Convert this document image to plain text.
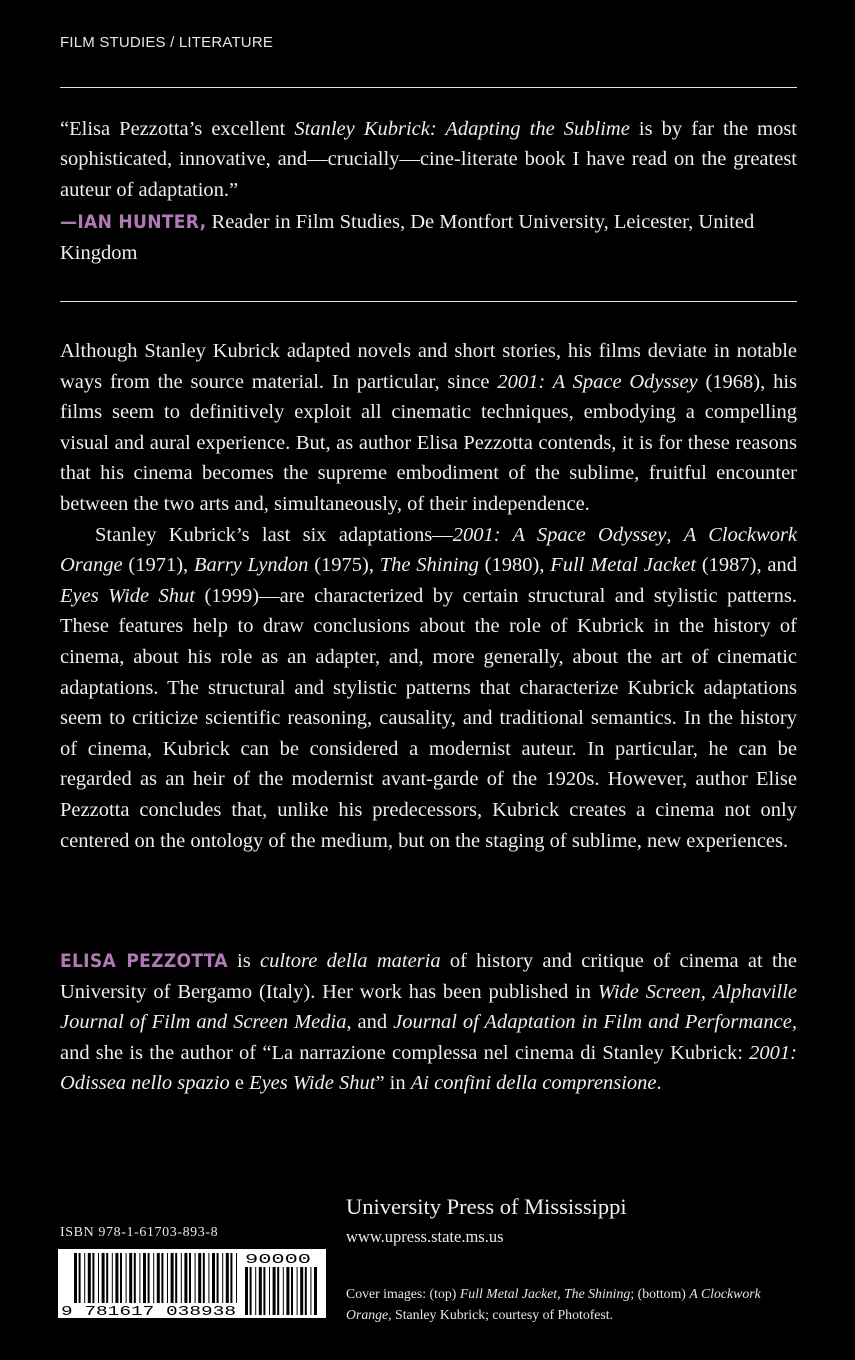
FILM STUDIES / LITERATURE

“Elisa Pezzotta’s excellent Stanley Kubrick: Adapting the Sublime is by far the most sophisticated, innovative, and—crucially—cine-literate book I have read on the greatest auteur of adaptation.”

—IAN HUNTER, Reader in Film Studies, De Montfort University, Leicester, United Kingdom

Although Stanley Kubrick adapted novels and short stories, his films deviate in notable ways from the source material. In particular, since 2001: A Space Odyssey (1968), his films seem to definitively exploit all cinematic techniques, embodying a compelling visual and aural experience. But, as author Elisa Pezzotta contends, it is for these reasons that his cinema becomes the supreme embodiment of the sublime, fruitful encounter between the two arts and, simultaneously, of their independence.

Stanley Kubrick’s last six adaptations—2001: A Space Odyssey, A Clockwork Orange (1971), Barry Lyndon (1975), The Shining (1980), Full Metal Jacket (1987), and Eyes Wide Shut (1999)—are characterized by certain structural and stylistic patterns. These features help to draw conclusions about the role of Kubrick in the history of cinema, about his role as an adapter, and, more generally, about the art of cinematic adaptations. The structural and stylistic patterns that characterize Kubrick adaptations seem to criticize scientific reasoning, causality, and traditional semantics. In the history of cinema, Kubrick can be considered a modernist auteur. In particular, he can be regarded as an heir of the modernist avant-garde of the 1920s. However, author Elise Pezzotta concludes that, unlike his predecessors, Kubrick creates a cinema not only centered on the ontology of the medium, but on the staging of sublime, new experiences.

ELISA PEZZOTTA is cultore della materia of history and critique of cinema at the University of Bergamo (Italy). Her work has been published in Wide Screen, Alphaville Journal of Film and Screen Media, and Journal of Adaptation in Film and Performance, and she is the author of “La narrazione complessa nel cinema di Stanley Kubrick: 2001: Odissea nello spazio e Eyes Wide Shut” in Ai confini della comprensione.

University Press of Mississippi
www.upress.state.ms.us
ISBN 978-1-61703-893-8
9 781617 038938
90000
Cover images: (top) Full Metal Jacket, The Shining; (bottom) A Clockwork Orange, Stanley Kubrick; courtesy of Photofest.
